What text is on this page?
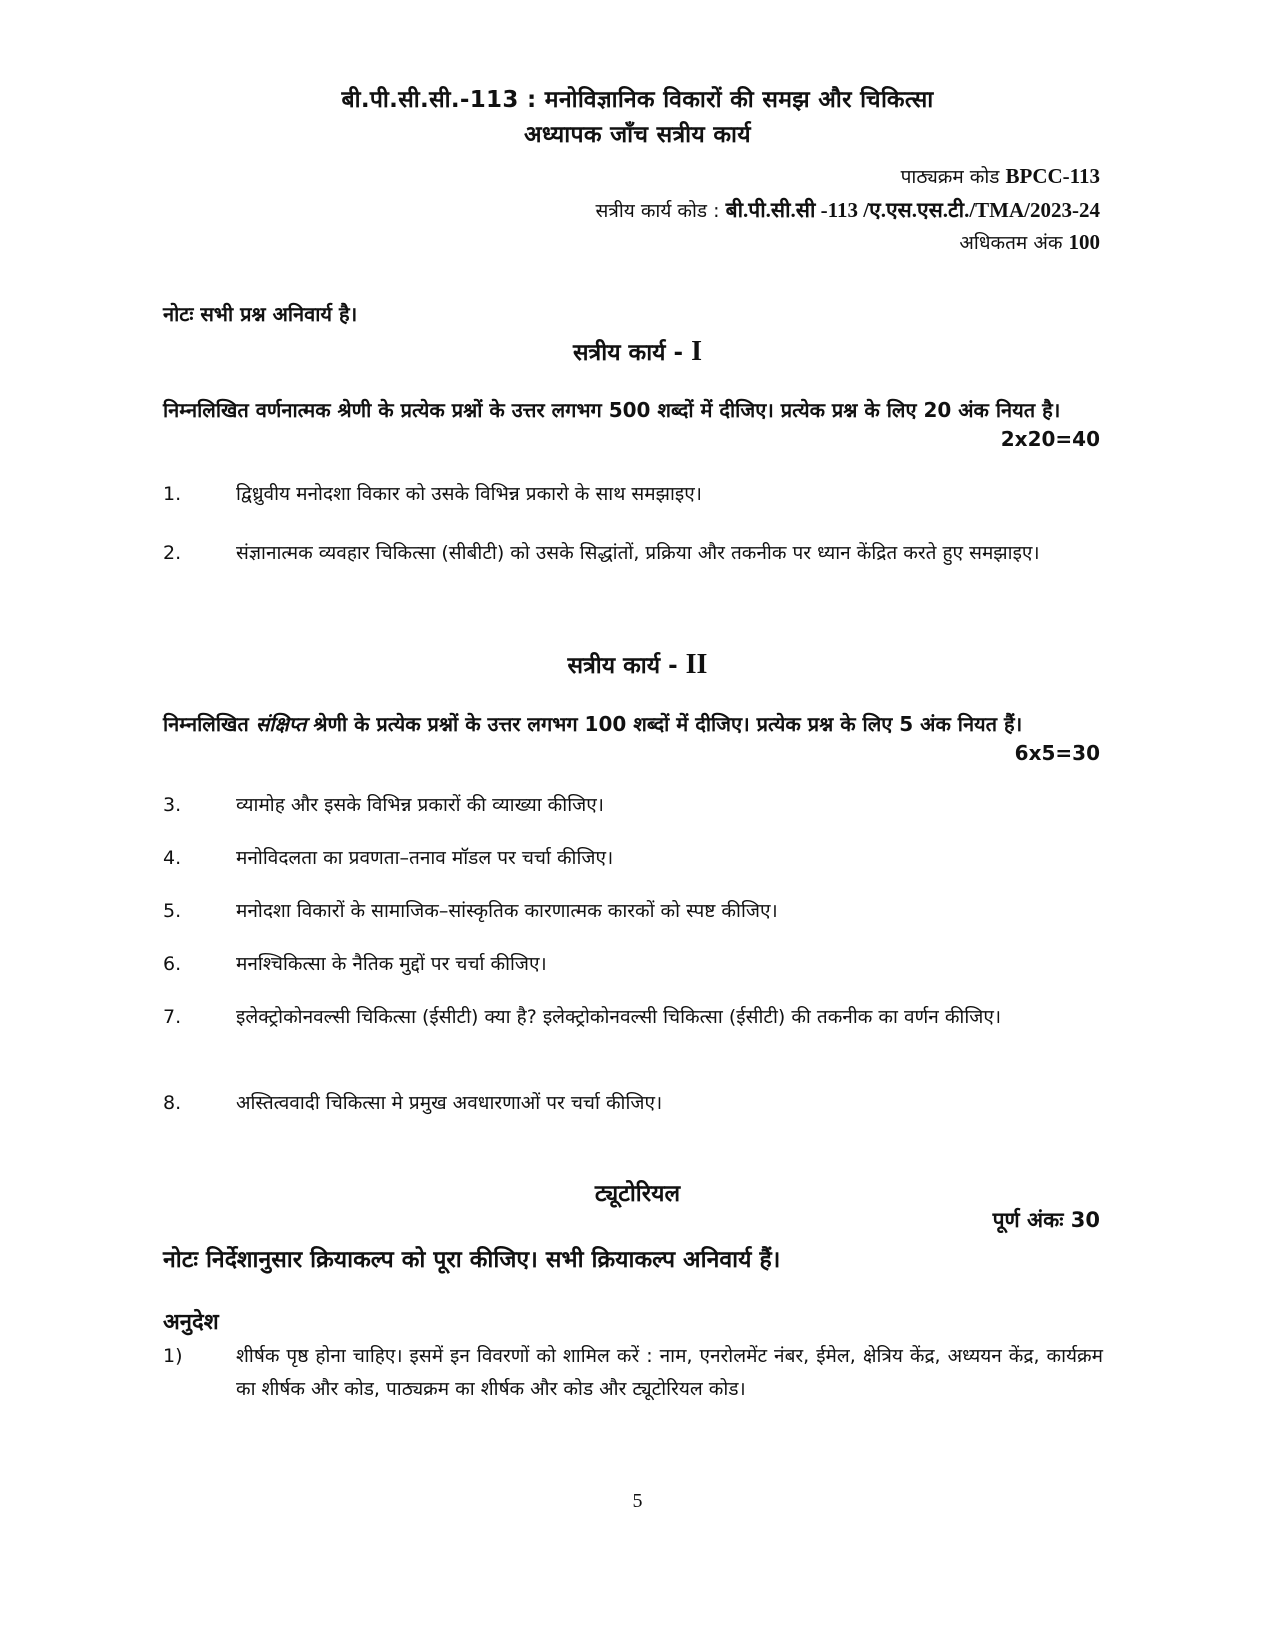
बी.पी.सी.सी.-113 : मनोविज्ञानिक विकारों की समझ और चिकित्सा
अध्यापक जाँच सत्रीय कार्य
पाठ्यक्रम कोड BPCC-113
सत्रीय कार्य कोड : बी.पी.सी.सी -113 /ए.एस.एस.टी./TMA/2023-24
अधिकतम अंक 100
नोटः सभी प्रश्न अनिवार्य है।
सत्रीय कार्य - I
निम्नलिखित वर्णनात्मक श्रेणी के प्रत्येक प्रश्नों के उत्तर लगभग 500 शब्दों में दीजिए। प्रत्येक प्रश्न के लिए 20 अंक नियत है।
2x20=40
1.	द्विध्रुवीय मनोदशा विकार को उसके विभिन्न प्रकारो के साथ समझाइए।
2.	संज्ञानात्मक व्यवहार चिकित्सा (सीबीटी) को उसके सिद्धांतों, प्रक्रिया और तकनीक पर ध्यान केंद्रित करते हुए समझाइए।
सत्रीय कार्य - II
निम्नलिखित संक्षिप्त श्रेणी के प्रत्येक प्रश्नों के उत्तर लगभग 100 शब्दों में दीजिए। प्रत्येक प्रश्न के लिए 5 अंक नियत हैं।
6x5=30
3.	व्यामोह और इसके विभिन्न प्रकारों की व्याख्या कीजिए।
4.	मनोविदलता का प्रवणता–तनाव मॉडल पर चर्चा कीजिए।
5.	मनोदशा विकारों के सामाजिक–सांस्कृतिक कारणात्मक कारकों को स्पष्ट कीजिए।
6.	मनश्चिकित्सा के नैतिक मुद्दों पर चर्चा कीजिए।
7.	इलेक्ट्रोकोनवल्सी चिकित्सा (ईसीटी) क्या है? इलेक्ट्रोकोनवल्सी चिकित्सा (ईसीटी) की तकनीक का वर्णन कीजिए।
8.	अस्तित्ववादी चिकित्सा मे प्रमुख अवधारणाओं पर चर्चा कीजिए।
ट्यूटोरियल
पूर्ण अंकः 30
नोटः निर्देशानुसार क्रियाकल्प को पूरा कीजिए। सभी क्रियाकल्प अनिवार्य हैं।
अनुदेश
1)	शीर्षक पृष्ठ होना चाहिए। इसमें इन विवरणों को शामिल करें : नाम, एनरोलमेंट नंबर, ईमेल, क्षेत्रिय केंद्र, अध्ययन केंद्र, कार्यक्रम का शीर्षक और कोड, पाठ्यक्रम का शीर्षक और कोड और ट्यूटोरियल कोड।
5
